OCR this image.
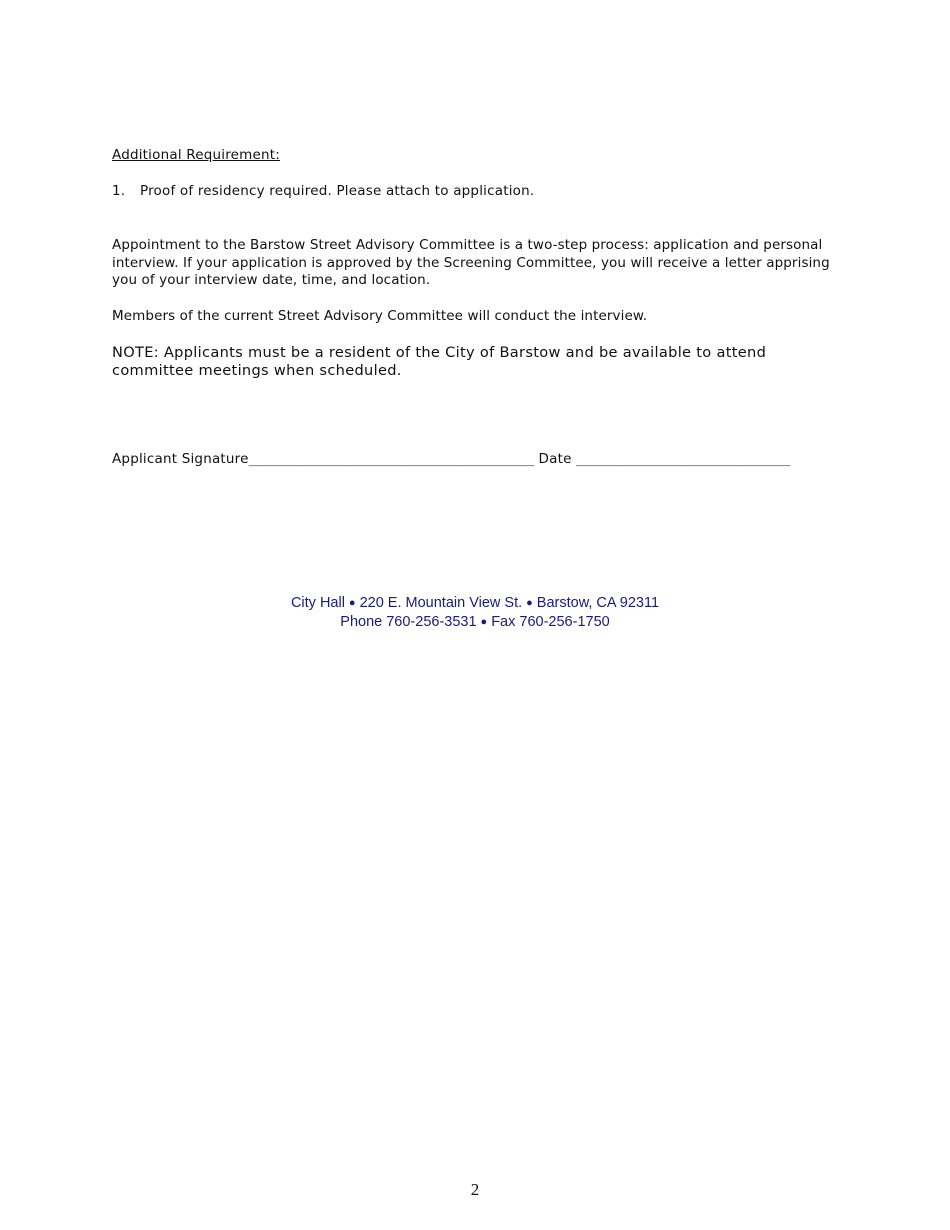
Additional Requirement:
1.	Proof of residency required. Please attach to application.
Appointment to the Barstow Street Advisory Committee is a two-step process: application and personal interview. If your application is approved by the Screening Committee, you will receive a letter apprising you of your interview date, time, and location.
Members of the current Street Advisory Committee will conduct the interview.
NOTE: Applicants must be a resident of the City of Barstow and be available to attend committee meetings when scheduled.
Applicant Signature____________________________________ Date ___________________________
City Hall ● 220 E. Mountain View St. ● Barstow, CA 92311
Phone 760-256-3531 ● Fax 760-256-1750
2
